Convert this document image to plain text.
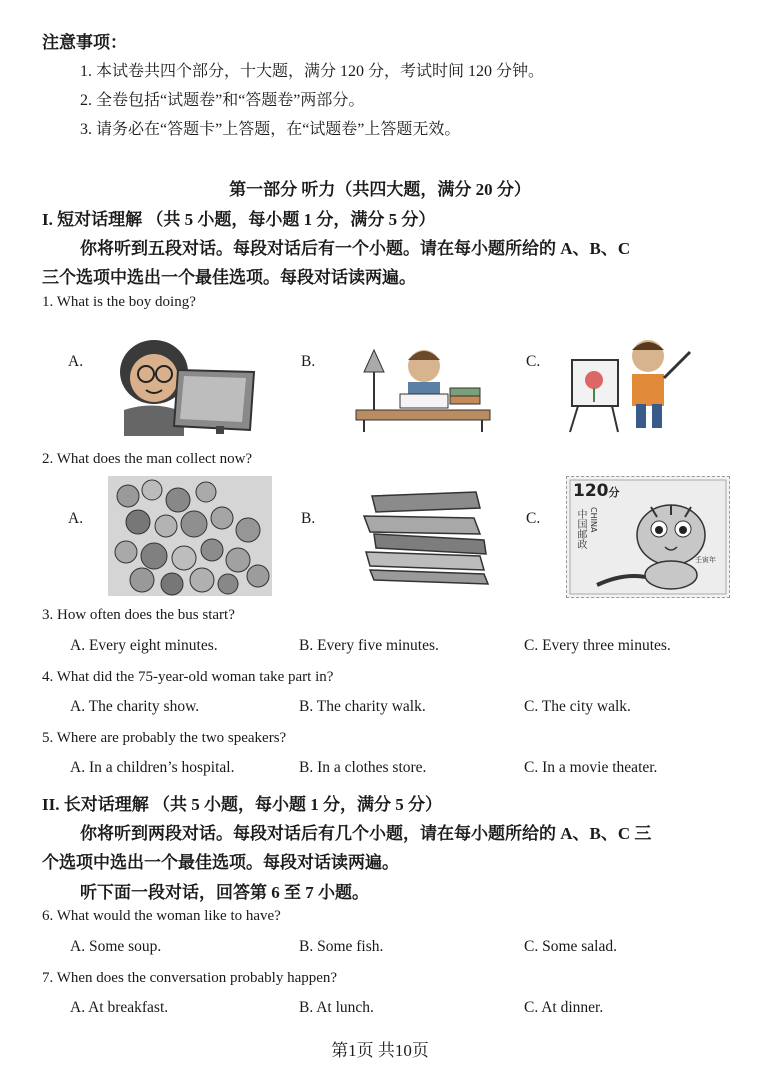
注意事项：
1. 本试卷共四个部分，十大题，满分 120 分，考试时间 120 分钟。
2. 全卷包括“试题卷”和“答题卷”两部分。
3. 请务必在“答题卡”上答题，在“试题卷”上答题无效。
第一部分 听力（共四大题，满分 20 分）
I. 短对话理解 （共 5 小题，每小题 1 分，满分 5 分）
你将听到五段对话。每段对话后有一个小题。请在每小题所给的 A、B、C
三个选项中选出一个最佳选项。每段对话读两遍。
1. What is the boy doing?
A.	B.	C.
2. What does the man collect now?
A.	B.	C.
120分
中国邮政 CHINA
壬寅年
3. How often does the bus start?
A. Every eight minutes.	B. Every five minutes.	C. Every three minutes.
4. What did the 75-year-old woman take part in?
A. The charity show.	B. The charity walk.	C. The city walk.
5. Where are probably the two speakers?
A. In a children’s hospital.	B. In a clothes store.	C. In a movie theater.
II. 长对话理解 （共 5 小题，每小题 1 分，满分 5 分）
你将听到两段对话。每段对话后有几个小题，请在每小题所给的 A、B、C 三
个选项中选出一个最佳选项。每段对话读两遍。
听下面一段对话，回答第 6 至 7 小题。
6. What would the woman like to have?
A. Some soup.	B. Some fish.	C. Some salad.
7. When does the conversation probably happen?
A. At breakfast.	B. At lunch.	C. At dinner.
第1页 共10页
